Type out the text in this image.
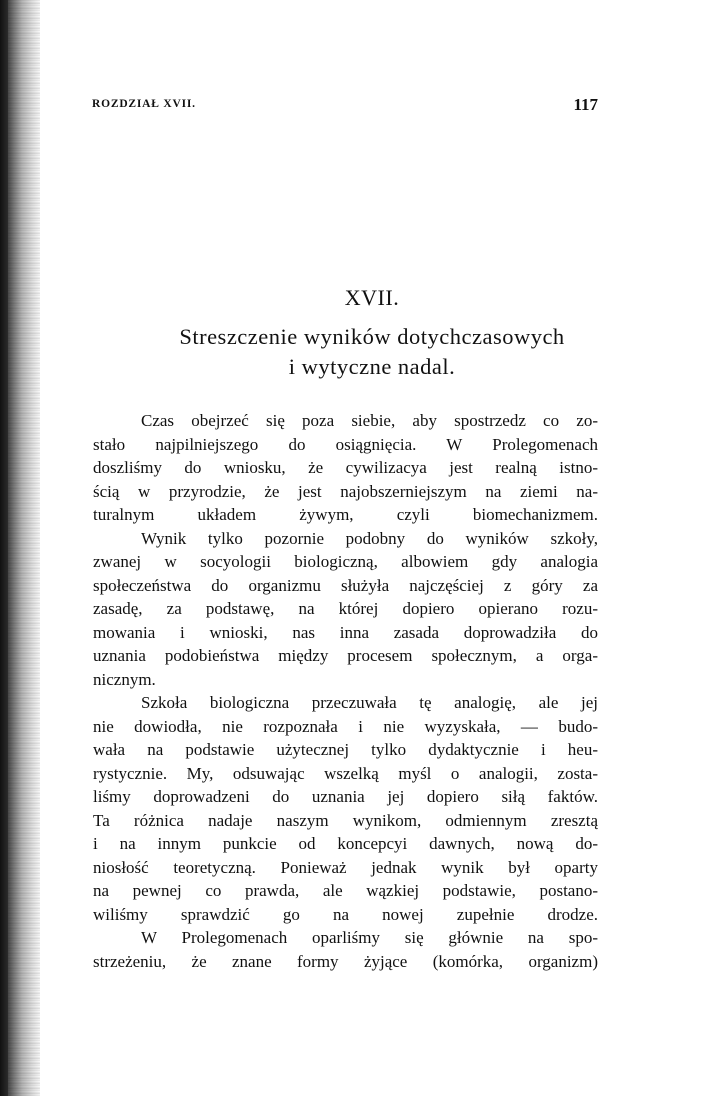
ROZDZIAŁ XVII.	117
XVII.
Streszczenie wyników dotychczasowych
i wytyczne nadal.
Czas obejrzeć się poza siebie, aby spostrzedz co zo‑
stało najpilniejszego do osiągnięcia. W Prolegomenach
doszliśmy do wniosku, że cywilizacya jest realną istno‑
ścią w przyrodzie, że jest najobszerniejszym na ziemi na‑
turalnym układem żywym, czyli biomechanizmem.
Wynik tylko pozornie podobny do wyników szkoły,
zwanej w socyologii biologiczną, albowiem gdy analogia
społeczeństwa do organizmu służyła najczęściej z góry za
zasadę, za podstawę, na której dopiero opierano rozu‑
mowania i wnioski, nas inna zasada doprowadziła do
uznania podobieństwa między procesem społecznym, a orga‑
nicznym.
Szkoła biologiczna przeczuwała tę analogię, ale jej
nie dowiodła, nie rozpoznała i nie wyzyskała, — budo‑
wała na podstawie użytecznej tylko dydaktycznie i heu‑
rystycznie. My, odsuwając wszelką myśl o analogii, zosta‑
liśmy doprowadzeni do uznania jej dopiero siłą faktów.
Ta różnica nadaje naszym wynikom, odmiennym zresztą
i na innym punkcie od koncepcyi dawnych, nową do‑
niosłość teoretyczną. Ponieważ jednak wynik był oparty
na pewnej co prawda, ale wązkiej podstawie, postano‑
wiliśmy sprawdzić go na nowej zupełnie drodze.
W Prolegomenach oparliśmy się głównie na spo‑
strzeżeniu, że znane formy żyjące (komórka, organizm)
